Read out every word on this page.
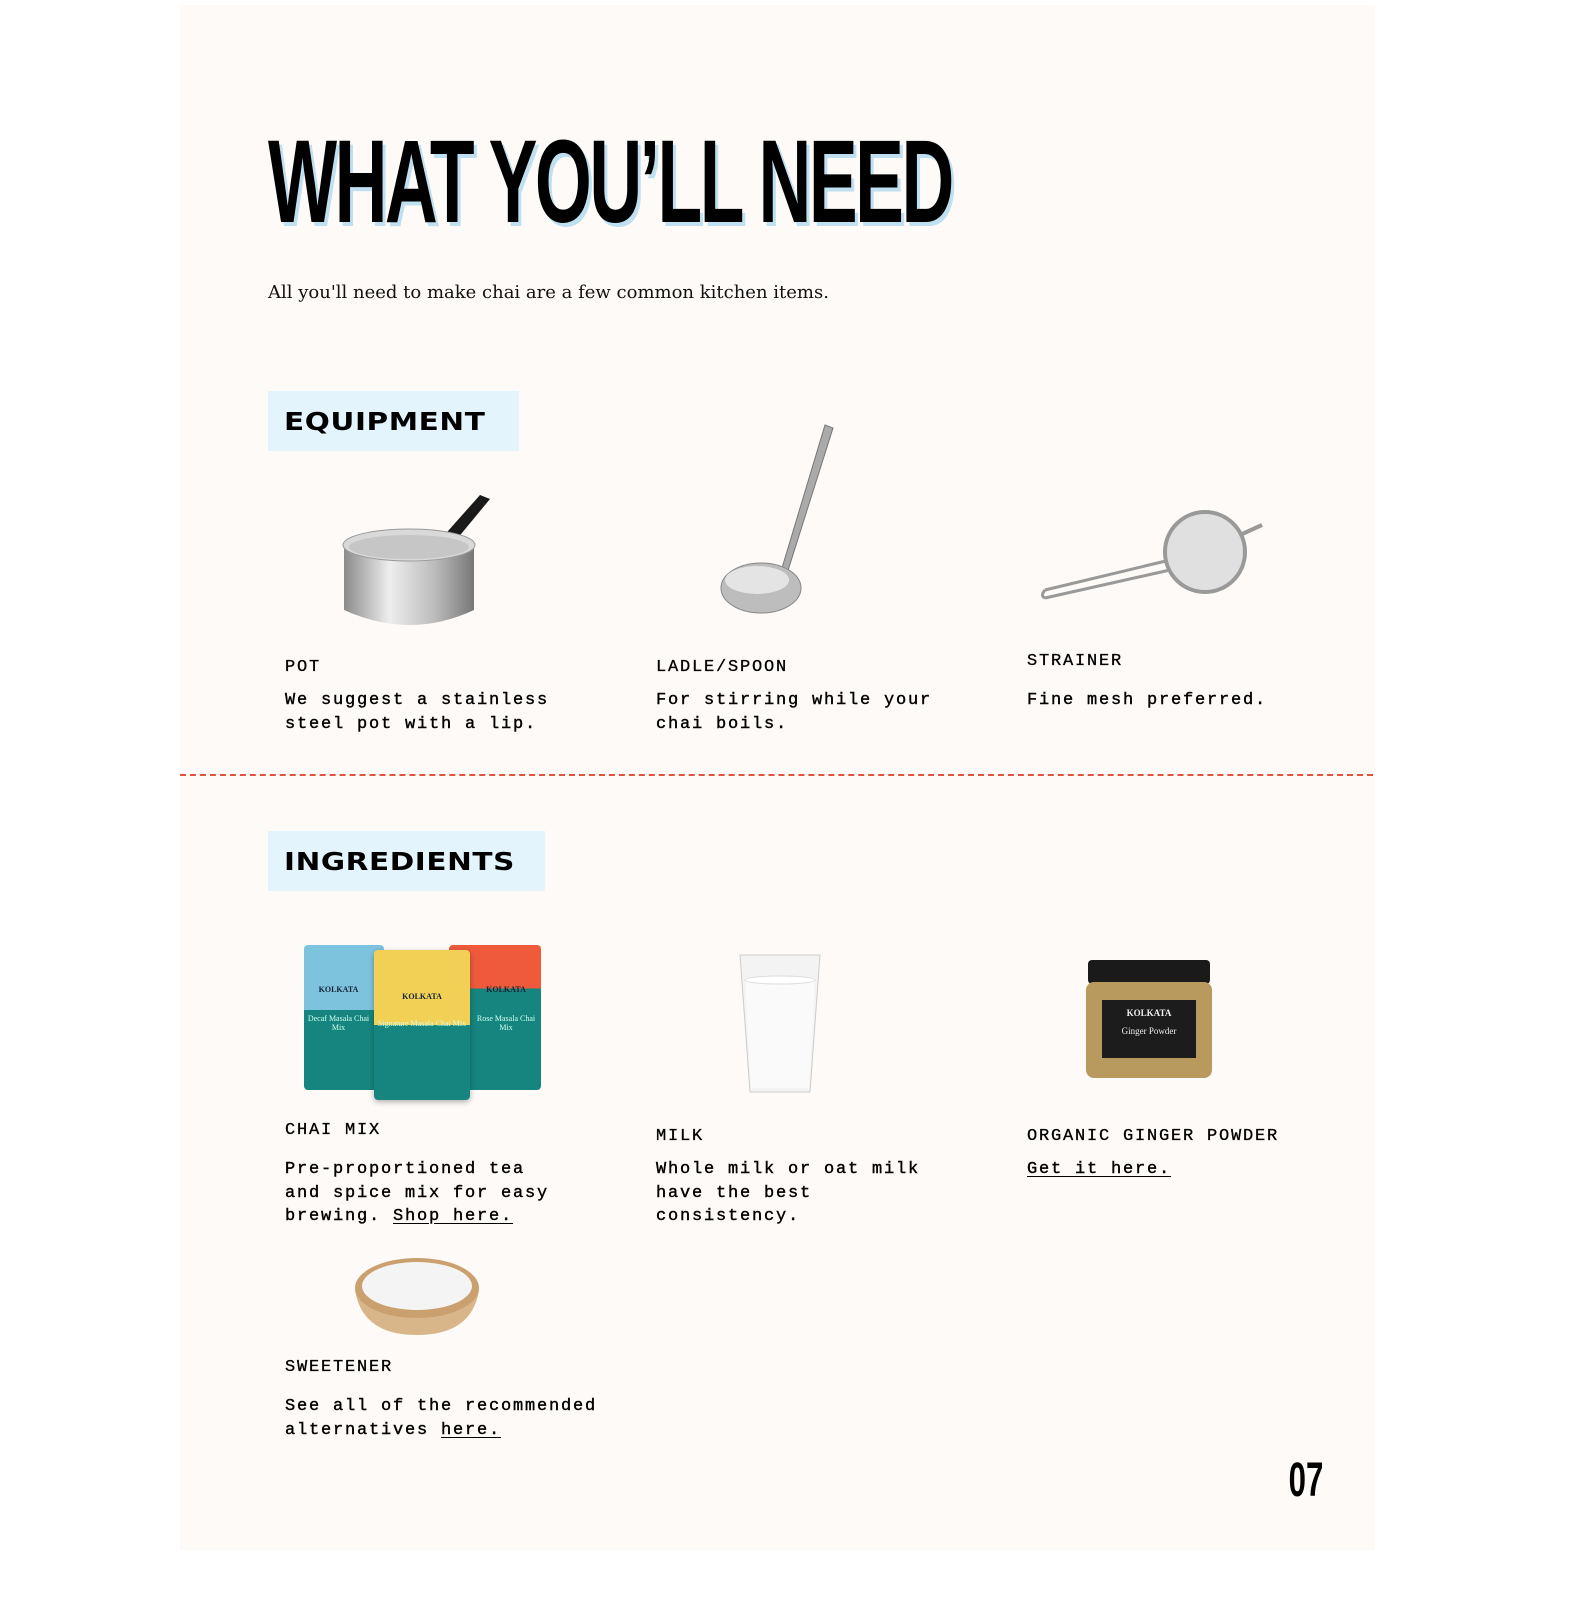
WHAT YOU’LL NEED
All you'll need to make chai are a few common kitchen items.
EQUIPMENT
POT
We suggest a stainless
steel pot with a lip.
LADLE/SPOON
For stirring while your
chai boils.
STRAINER
Fine mesh preferred.
INGREDIENTS
KOLKATA
Decaf Masala Chai Mix
KOLKATA
Rose Masala Chai Mix
KOLKATA
Signature Masala Chai Mix
KOLKATA
Ginger Powder
CHAI MIX
Pre-proportioned tea
and spice mix for easy
brewing. Shop here.
MILK
Whole milk or oat milk
have the best
consistency.
ORGANIC GINGER POWDER
Get it here.
SWEETENER
See all of the recommended
alternatives here.
07
